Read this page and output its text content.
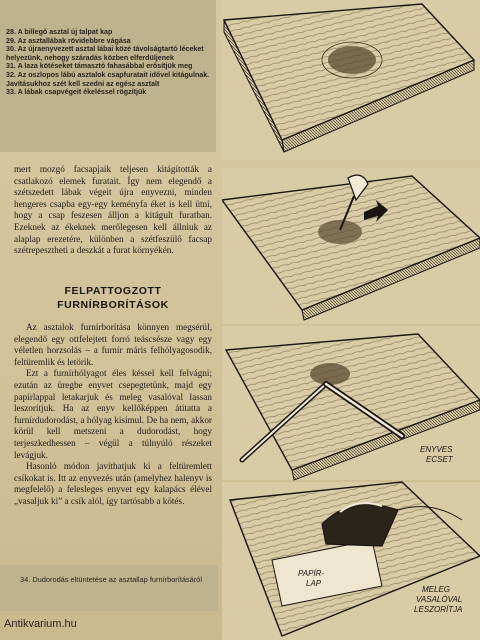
28. A billegő asztal új talpat kap

29. Az asztallábak rövidebbre vágása

30. Az újraenyvezett asztal lábai közé távolságtartó léceket helyezünk, nehogy száradás közben elferdüljenek

31. A laza kötéseket támasztó fahasábbal erősítjük meg

32. Az oszlopos lábú asztalok csapfuratait idővel kitágulnak. Javításukhoz szét kell szedni az egész asztalt

33. A lábak csapvégeit ékeléssel rögzítjük

mert mozgó facsapjaik teljesen kitágították a csatlakozó elemek furatait. Így nem elegendő a szétszedett lábak végeit újra enyvezni, minden hengeres csapba egy-egy keményfa éket is kell ütni, hogy a csap feszesen álljon a kitágult furatban. Ezeknek az ékeknek merőlegesen kell állniuk az alaplap erezetére, különben a szétfeszülő facsap szétrepesztheti a deszkát a furat környékén.

FELPATTOGZOTT
FURNÍRBORÍTÁSOK

Az asztalok furnírborítása könnyen megsérül, elegendő egy ottfelejtett forró teáscsésze vagy egy véletlen horzsolás – a furnír máris felhólyagosodik, feltüremlik és letörik.

Ezt a furnírhólyagot éles késsel kell felvágni; ezután az üregbe enyvet csepegtetünk, majd egy papírlappal letakarjuk és meleg vasalóval lassan leszorítjuk. Ha az enyv kellőképpen átitatta a furnírdudorodást, a hólyag kisimul. De ha nem, akkor körül kell metszeni a dudorodást, hogy terjeszkedhessen – végül a túlnyúló részeket levágjuk.

Hasonló módon javíthatjuk ki a feltüremlett csíkokat is. Itt az enyvezés után (amelyhez halenyv is megfelelő) a felesleges enyvet egy kalapács élével „vasaljuk ki” a csík alól, így tartósabb a kötés.

34. Dudorodás eltüntetése az asztallap furnírborításáról
Antikvarium.hu
ENYVES
ECSET
PAPÍR-
LAP
MELEG
VASALÓVAL
LESZORÍTJA
